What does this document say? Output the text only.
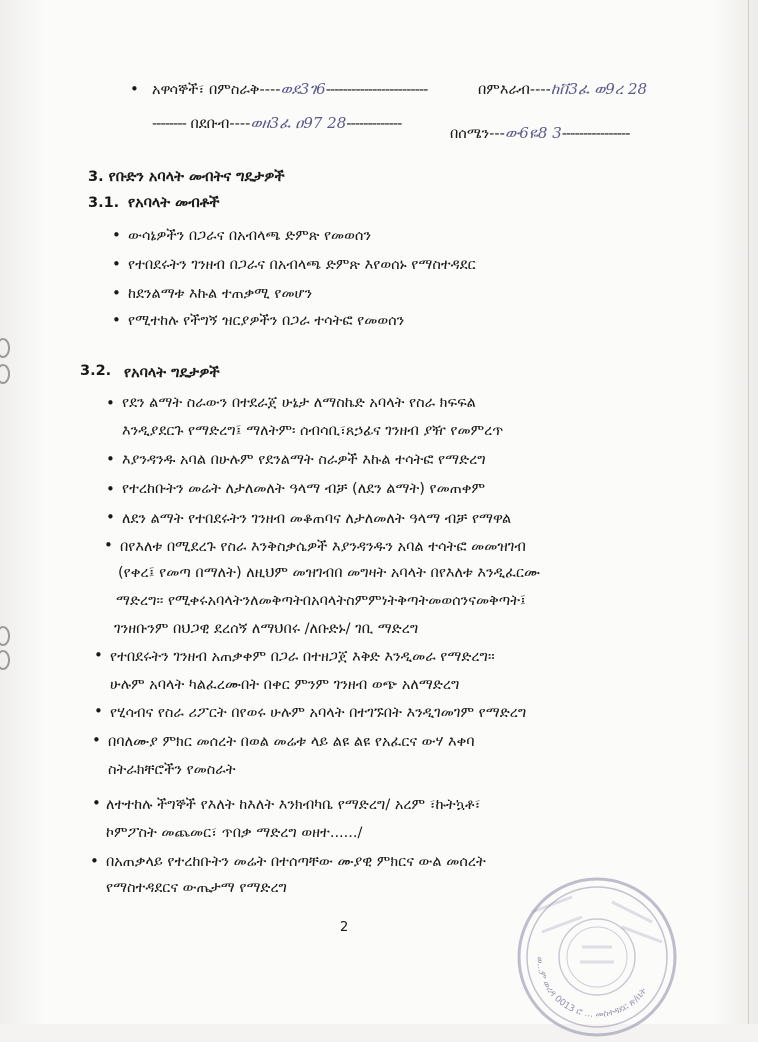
• አዋሳኞች፣ በምስራቅ----ወደ3ገ6------------------------	በምእራብ----ከቨ3ፈ ወ9ረ 28
-------- በደቡብ----ወዘ3ፈ ዐ97 28-------------
በሰሜን---ው6ዬ8 3----------------
3. የቡድን አባላት መብትና ግዴታዎች
3.1. የአባላት መብቶች
• ውሳኔዎችን በጋራና በአብላጫ ድምጽ የመወሰን
• የተበደሩትን ገንዘብ በጋራና በአብላጫ ድምጽ እየወሰኑ የማስተዳደር
• ከደንልማቱ እኩል ተጠቃሚ የመሆን
• የሚተከሉ የችግኝ ዝርያዎችን በጋራ ተሳትፎ የመወሰን
3.2. የአባላት ግዴታዎች
• የደን ልማት ስራውን በተደራጀ ሁኔታ ለማስኬድ አባላት የስራ ክፍፍል
እንዲያደርጉ የማድረግ፤ ማለትም፡ ሰብሳቢ፣ጸኃፊና ገንዘብ ያዥ የመምረጥ
• እያንዳንዱ አባል በሁሉም የደንልማት ስራዎች እኩል ተሳትፎ የማድረግ
• የተረከቡትን መሬት ለታለመለት ዓላማ ብቻ (ለደን ልማት) የመጠቀም
• ለደን ልማት የተበደሩትን ገንዘብ መቆጠባና ለታለመለት ዓላማ ብቻ የማዋል
• በየእለቱ በሚደረጉ የስራ እንቅስቃሴዎች እያንዳንዱን አባል ተሳትፎ መመዝገብ
(የቀረ፤ የመጣ በማለት) ለዚህም መዝገብበ መግዛት አባላት በየእለቱ እንዲፈርሙ
ማድረግ፡፡ የሚቀሩአባላትንለመቅጣትበአባላትስምምነትቅጣትመወሰንናመቅጣት፤
ገንዘቡንም በህጋዊ ደረሰኝ ለማህበሩ /ለቡድኑ/ ገቢ ማድረግ
• የተበደሩትን ገንዘብ አጠቃቀም በጋራ በተዘጋጀ እቅድ እንዲመራ የማድረግ፡፡
ሁሉም አባላት ካልፈረሙበት በቀር ምንም ገንዘብ ወጭ አለማድረግ
• የሂሳብና የስራ ሪፖርት በየወሩ ሁሉም አባላት በተገኙበት እንዲገመገም የማድረግ
• በባለሙያ ምክር መሰረት በወል መሬቱ ላይ ልዩ ልዩ የአፈርና ውሃ እቀባ
ስትራክቸሮችን የመስራት
• ለተተከሉ ችግኞች የእለት ከእለት እንክብካቤ የማድረግ/ አረም ፣ኩትኳቶ፣
ኮምፖስት መጨመር፣ ጥበቃ ማድረግ ወዘተ....../
• በአጠቃላይ የተረከቡትን መሬት በተሰጣቸው ሙያዊ ምክርና ውል መሰረት
የማስተዳደርና ውጤታማ የማድረግ
2
ወ...ም ወረዳ 0013 ሮ ... መስተዳደር ጽ/ቤት
